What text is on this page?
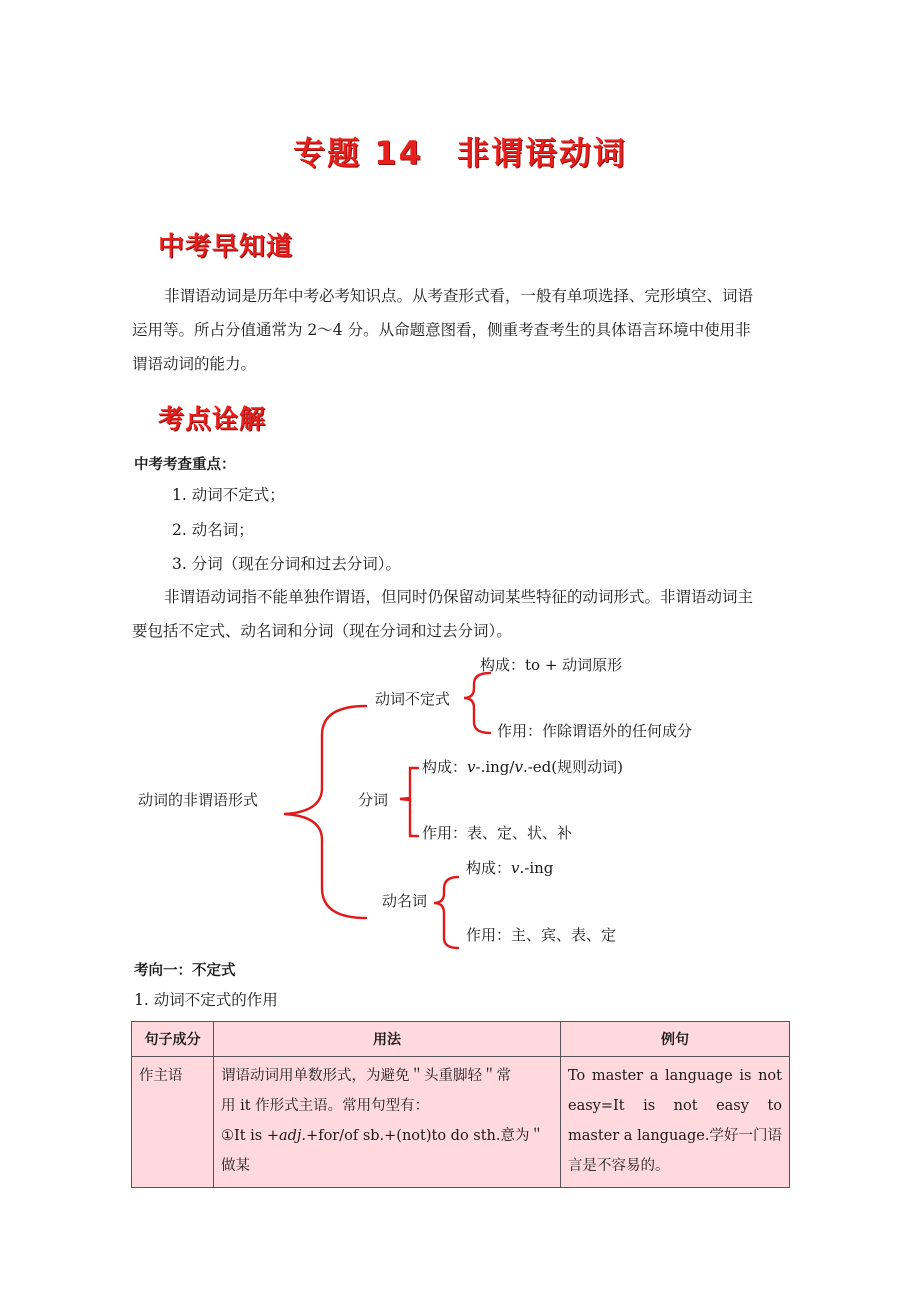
专题 14　非谓语动词
中考早知道
非谓语动词是历年中考必考知识点。从考查形式看，一般有单项选择、完形填空、词语
运用等。所占分值通常为 2～4 分。从命题意图看，侧重考查考生的具体语言环境中使用非
谓语动词的能力。
考点诠解
中考考查重点：
1. 动词不定式；
2. 动名词；
3. 分词（现在分词和过去分词）。
非谓语动词指不能单独作谓语，但同时仍保留动词某些特征的动词形式。非谓语动词主
要包括不定式、动名词和分词（现在分词和过去分词）。
动词的非谓语形式
动词不定式
构成：to + 动词原形
作用：作除谓语外的任何成分
分词
构成：v-.ing/v.-ed(规则动词)
作用：表、定、状、补
动名词
构成：v.-ing
作用：主、宾、表、定
考向一：不定式
1. 动词不定式的作用
句子成分	用法	例句
作主语	谓语动词用单数形式，为避免＂头重脚轻＂常
用 it 作形式主语。常用句型有：
①It is +adj.+for/of sb.+(not)to do sth.意为＂做某	To master a language is not easy=It is not easy to master a language.学好一门语言是不容易的。
